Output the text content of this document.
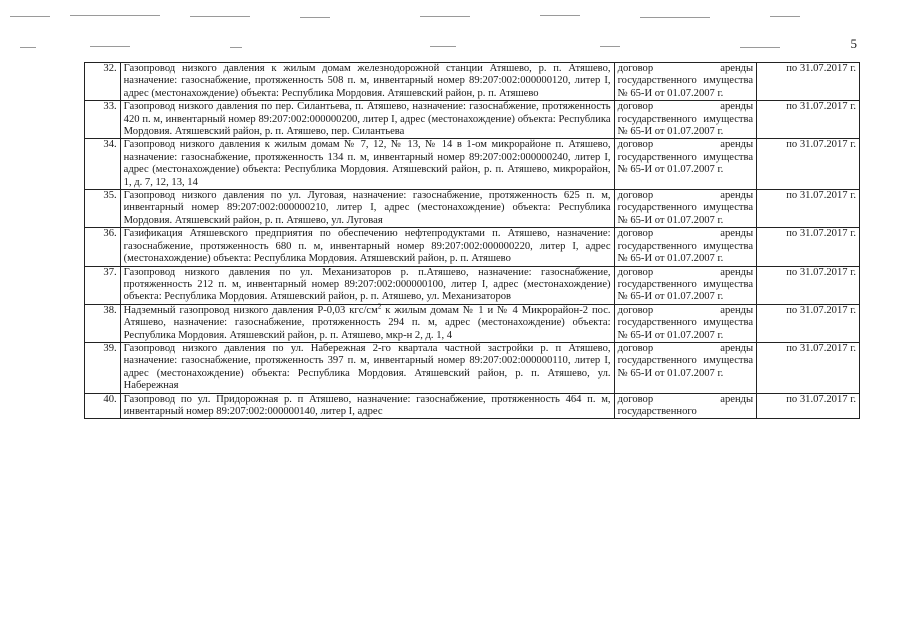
5
32.	Газопровод низкого давления к жилым домам железнодорожной станции Атяшево, р. п. Атяшево, назначение: газоснабжение, протяженность 508 п. м, инвентарный номер 89:207:002:000000120, литер I, адрес (местонахождение) объекта: Республика Мордовия. Атяшевский район, р. п. Атяшево	договор аренды государственного имущества № 65-И от 01.07.2007 г.	по 31.07.2017 г.
33.	Газопровод низкого давления по пер. Силантьева, п. Атяшево, назначение: газоснабжение, протяженность 420 п. м, инвентарный номер 89:207:002:000000200, литер I, адрес (местонахождение) объекта: Республика Мордовия. Атяшевский район, р. п. Атяшево, пер. Силантьева	договор аренды государственного имущества № 65-И от 01.07.2007 г.	по 31.07.2017 г.
34.	Газопровод низкого давления к жилым домам № 7, 12, № 13, № 14 в 1-ом микрорайоне п. Атяшево, назначение: газоснабжение, протяженность 134 п. м, инвентарный номер 89:207:002:000000240, литер I, адрес (местонахождение) объекта: Республика Мордовия. Атяшевский район, р. п. Атяшево, микрорайон, 1, д. 7, 12, 13, 14	договор аренды государственного имущества № 65-И от 01.07.2007 г.	по 31.07.2017 г.
35.	Газопровод низкого давления по ул. Луговая, назначение: газоснабжение, протяженность 625 п. м, инвентарный номер 89:207:002:000000210, литер I, адрес (местонахождение) объекта: Республика Мордовия. Атяшевский район, р. п. Атяшево, ул. Луговая	договор аренды государственного имущества № 65-И от 01.07.2007 г.	по 31.07.2017 г.
36.	Газификация Атяшевского предприятия по обеспечению нефтепродуктами п. Атяшево, назначение: газоснабжение, протяженность 680 п. м, инвентарный номер 89:207:002:000000220, литер I, адрес (местонахождение) объекта: Республика Мордовия. Атяшевский район, р. п. Атяшево	договор аренды государственного имущества № 65-И от 01.07.2007 г.	по 31.07.2017 г.
37.	Газопровод низкого давления по ул. Механизаторов р. п.Атяшево, назначение: газоснабжение, протяженность 212 п. м, инвентарный номер 89:207:002:000000100, литер I, адрес (местонахождение) объекта: Республика Мордовия. Атяшевский район, р. п. Атяшево, ул. Механизаторов	договор аренды государственного имущества № 65-И от 01.07.2007 г.	по 31.07.2017 г.
38.	Надземный газопровод низкого давления Р-0,03 кгс/$см^2$ к жилым домам № 1 и № 4 Микрорайон-2 пос. Атяшево, назначение: газоснабжение, протяженность 294 п. м, адрес (местонахождение) объекта: Республика Мордовия. Атяшевский район, р. п. Атяшево, мкр-н 2, д. 1, 4	договор аренды государственного имущества № 65-И от 01.07.2007 г.	по 31.07.2017 г.
39.	Газопровод низкого давления по ул. Набережная 2-го квартала частной застройки р. п Атяшево, назначение: газоснабжение, протяженность 397 п. м, инвентарный номер 89:207:002:000000110, литер I, адрес (местонахождение) объекта: Республика Мордовия. Атяшевский район, р. п. Атяшево, ул. Набережная	договор аренды государственного имущества № 65-И от 01.07.2007 г.	по 31.07.2017 г.
40.	Газопровод по ул. Придорожная р. п Атяшево, назначение: газоснабжение, протяженность 464 п. м, инвентарный номер 89:207:002:000000140, литер I, адрес	договор аренды государственного	по 31.07.2017 г.
